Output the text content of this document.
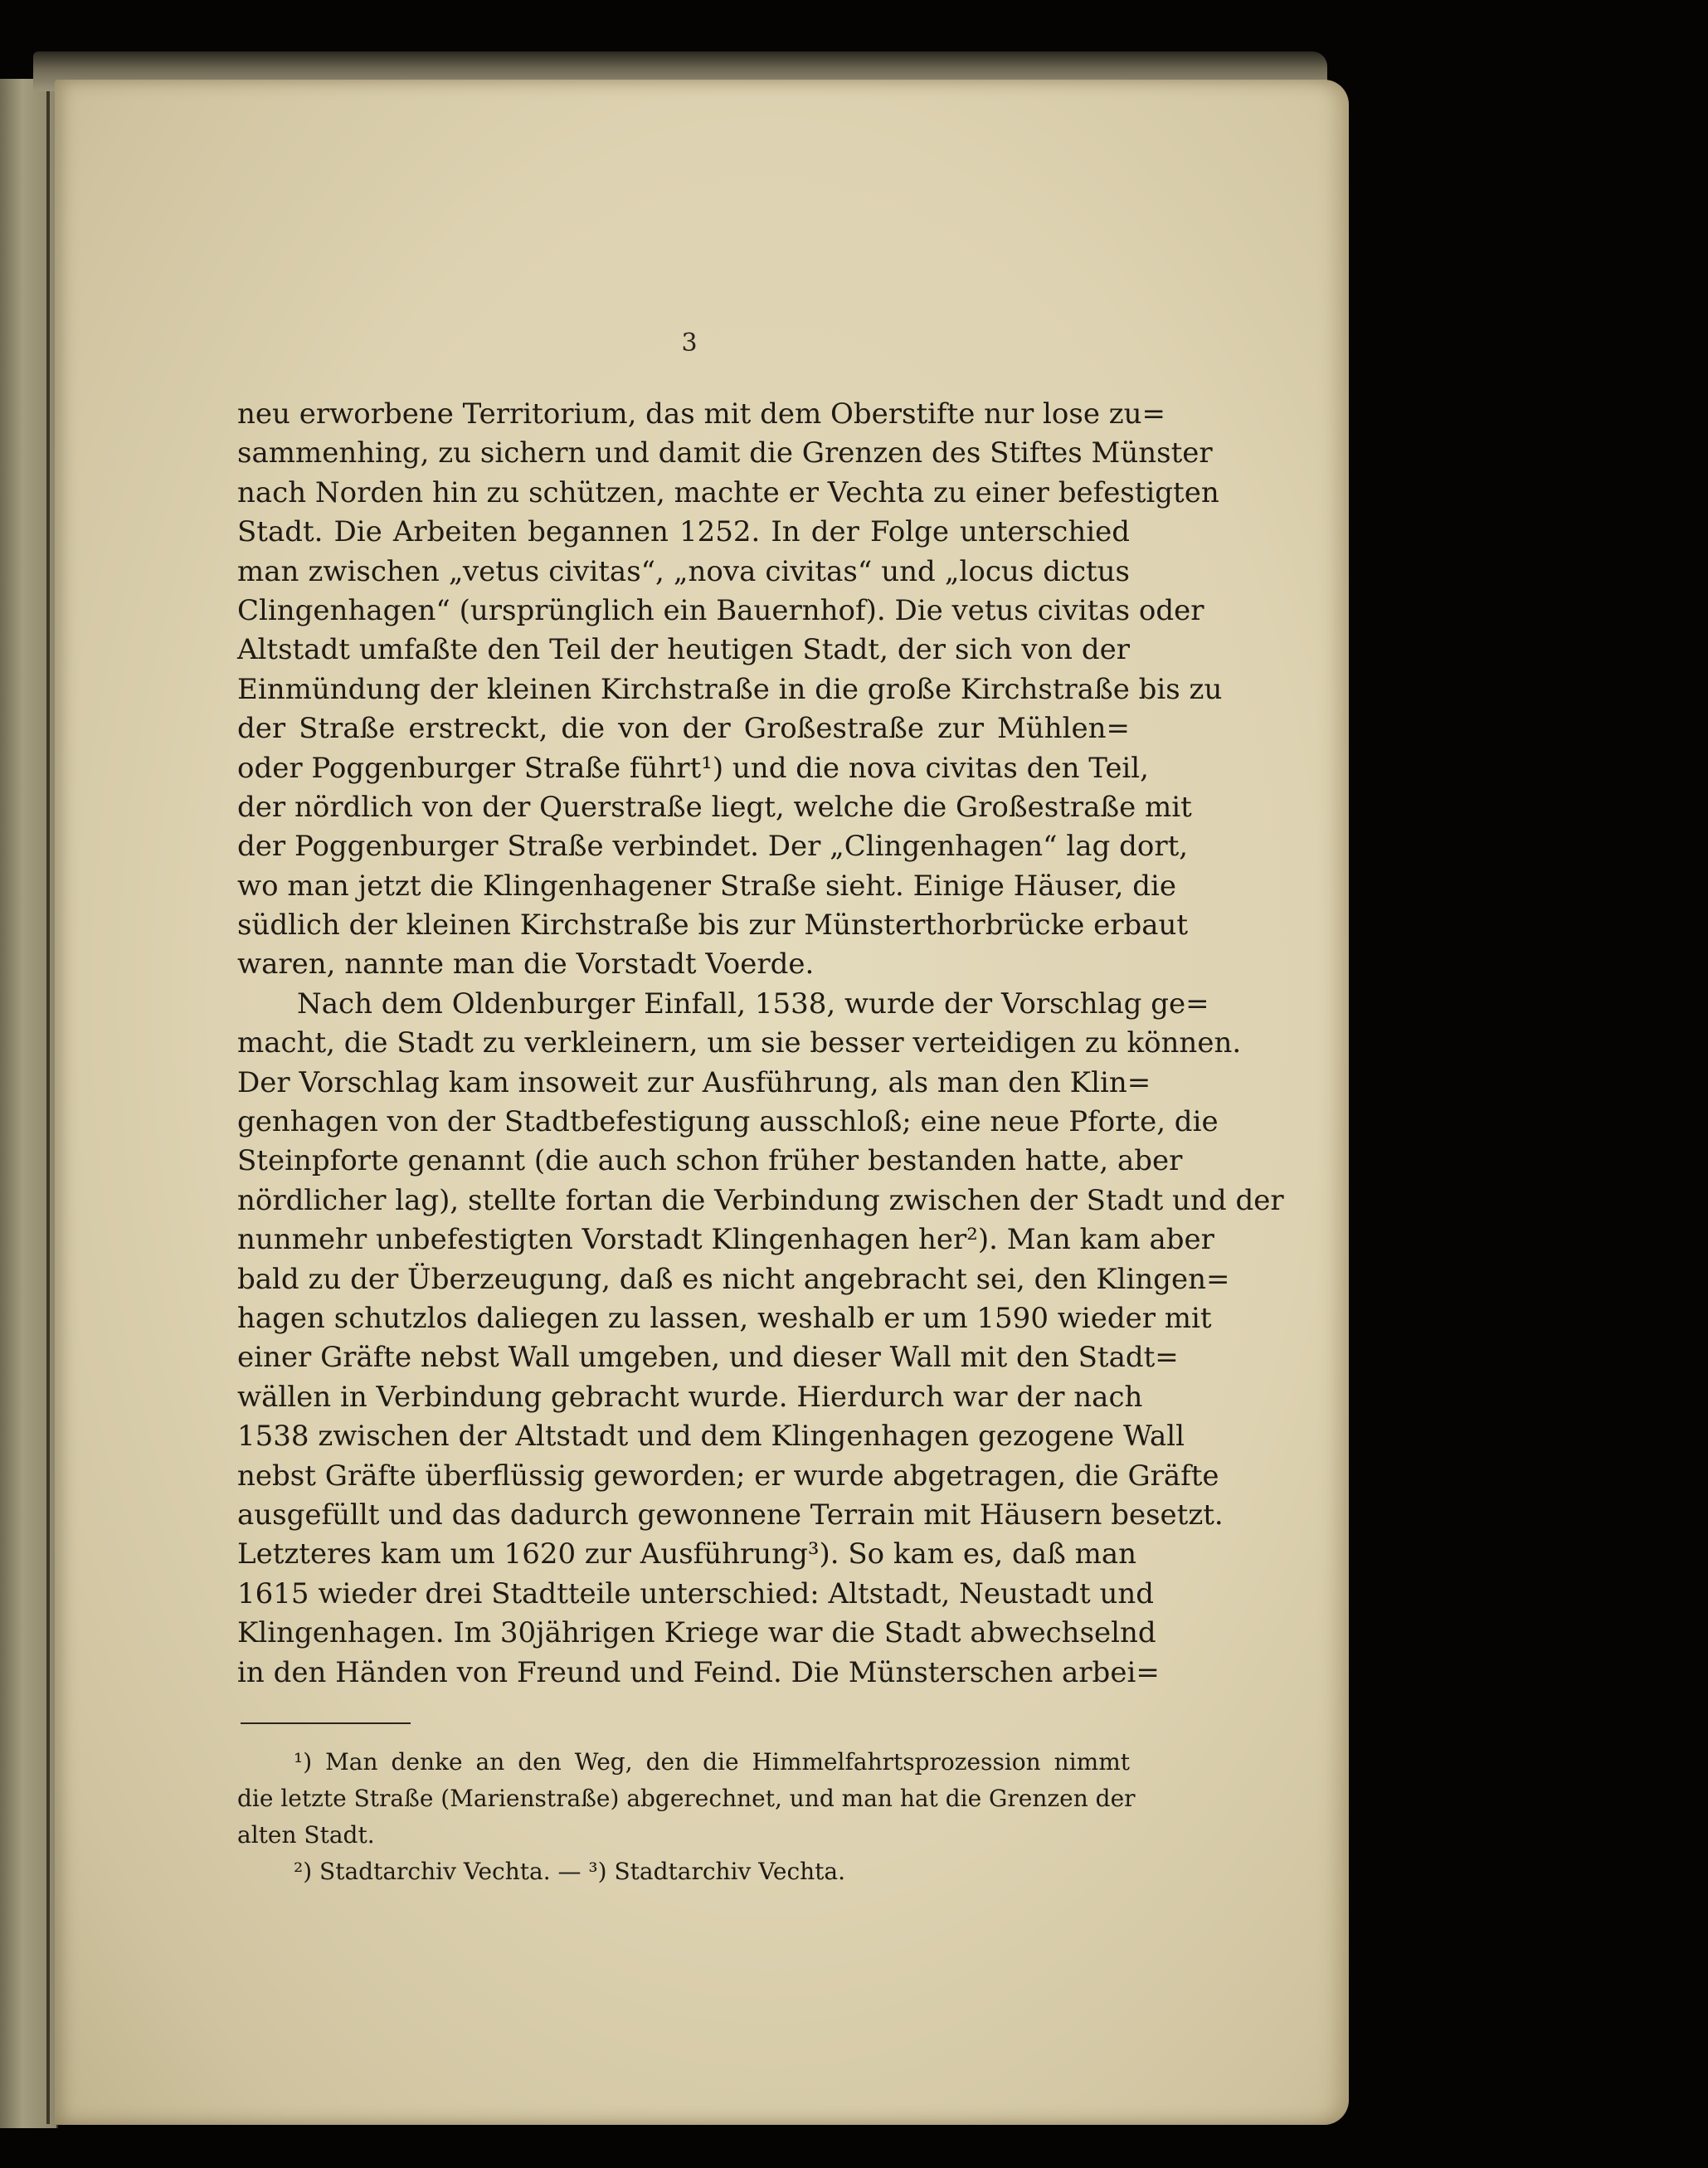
3
neu erworbene Territorium, das mit dem Oberstifte nur lose zu=
sammenhing, zu sichern und damit die Grenzen des Stiftes Münster
nach Norden hin zu schützen, machte er Vechta zu einer befestigten
Stadt. Die Arbeiten begannen 1252. In der Folge unterschied
man zwischen „vetus civitas“, „nova civitas“ und „locus dictus
Clingenhagen“ (ursprünglich ein Bauernhof). Die vetus civitas oder
Altstadt umfaßte den Teil der heutigen Stadt, der sich von der
Einmündung der kleinen Kirchstraße in die große Kirchstraße bis zu
der Straße erstreckt, die von der Großestraße zur Mühlen=
oder Poggenburger Straße führt¹) und die nova civitas den Teil,
der nördlich von der Querstraße liegt, welche die Großestraße mit
der Poggenburger Straße verbindet. Der „Clingenhagen“ lag dort,
wo man jetzt die Klingenhagener Straße sieht. Einige Häuser, die
südlich der kleinen Kirchstraße bis zur Münsterthorbrücke erbaut
waren, nannte man die Vorstadt Voerde.
Nach dem Oldenburger Einfall, 1538, wurde der Vorschlag ge=
macht, die Stadt zu verkleinern, um sie besser verteidigen zu können.
Der Vorschlag kam insoweit zur Ausführung, als man den Klin=
genhagen von der Stadtbefestigung ausschloß; eine neue Pforte, die
Steinpforte genannt (die auch schon früher bestanden hatte, aber
nördlicher lag), stellte fortan die Verbindung zwischen der Stadt und der
nunmehr unbefestigten Vorstadt Klingenhagen her²). Man kam aber
bald zu der Überzeugung, daß es nicht angebracht sei, den Klingen=
hagen schutzlos daliegen zu lassen, weshalb er um 1590 wieder mit
einer Gräfte nebst Wall umgeben, und dieser Wall mit den Stadt=
wällen in Verbindung gebracht wurde. Hierdurch war der nach
1538 zwischen der Altstadt und dem Klingenhagen gezogene Wall
nebst Gräfte überflüssig geworden; er wurde abgetragen, die Gräfte
ausgefüllt und das dadurch gewonnene Terrain mit Häusern besetzt.
Letzteres kam um 1620 zur Ausführung³). So kam es, daß man
1615 wieder drei Stadtteile unterschied: Altstadt, Neustadt und
Klingenhagen. Im 30jährigen Kriege war die Stadt abwechselnd
in den Händen von Freund und Feind. Die Münsterschen arbei=
¹) Man denke an den Weg, den die Himmelfahrtsprozession nimmt
die letzte Straße (Marienstraße) abgerechnet, und man hat die Grenzen der
alten Stadt.
²) Stadtarchiv Vechta. — ³) Stadtarchiv Vechta.
